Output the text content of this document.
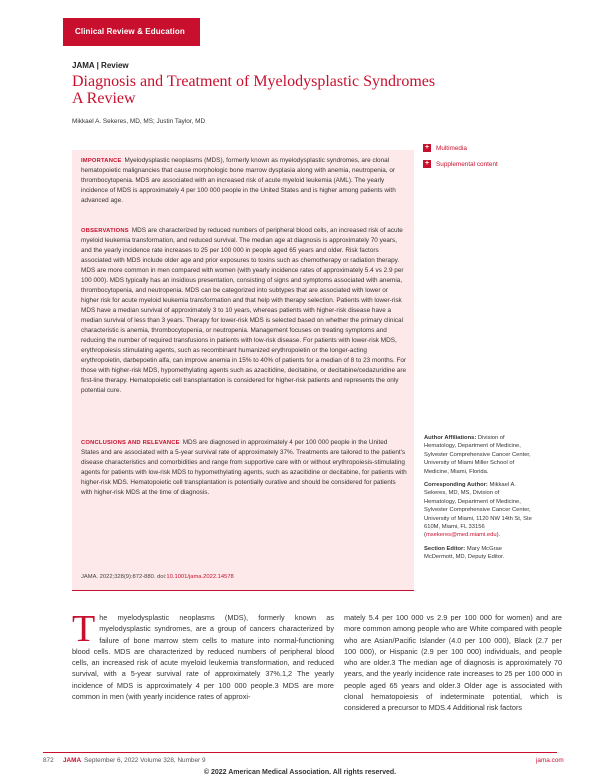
Clinical Review & Education
JAMA | Review
Diagnosis and Treatment of Myelodysplastic Syndromes
A Review
Mikkael A. Sekeres, MD, MS; Justin Taylor, MD
+	Multimedia
+	Supplemental content

IMPORTANCE Myelodysplastic neoplasms (MDS), formerly known as myelodysplastic syndromes, are clonal hematopoietic malignancies that cause morphologic bone marrow dysplasia along with anemia, neutropenia, or thrombocytopenia. MDS are associated with an increased risk of acute myeloid leukemia (AML). The yearly incidence of MDS is approximately 4 per 100 000 people in the United States and is higher among patients with advanced age.

OBSERVATIONS MDS are characterized by reduced numbers of peripheral blood cells, an increased risk of acute myeloid leukemia transformation, and reduced survival. The median age at diagnosis is approximately 70 years, and the yearly incidence rate increases to 25 per 100 000 in people aged 65 years and older. Risk factors associated with MDS include older age and prior exposures to toxins such as chemotherapy or radiation therapy. MDS are more common in men compared with women (with yearly incidence rates of approximately 5.4 vs 2.9 per 100 000). MDS typically has an insidious presentation, consisting of signs and symptoms associated with anemia, thrombocytopenia, and neutropenia. MDS can be categorized into subtypes that are associated with lower or higher risk for acute myeloid leukemia transformation and that help with therapy selection. Patients with lower-risk MDS have a median survival of approximately 3 to 10 years, whereas patients with higher-risk disease have a median survival of less than 3 years. Therapy for lower-risk MDS is selected based on whether the primary clinical characteristic is anemia, thrombocytopenia, or neutropenia. Management focuses on treating symptoms and reducing the number of required transfusions in patients with low-risk disease. For patients with lower-risk MDS, erythropoiesis stimulating agents, such as recombinant humanized erythropoietin or the longer-acting erythropoietin, darbepoetin alfa, can improve anemia in 15% to 40% of patients for a median of 8 to 23 months. For those with higher-risk MDS, hypomethylating agents such as azacitidine, decitabine, or decitabine/cedazuridine are first-line therapy. Hematopoietic cell transplantation is considered for higher-risk patients and represents the only potential cure.

CONCLUSIONS AND RELEVANCE MDS are diagnosed in approximately 4 per 100 000 people in the United States and are associated with a 5-year survival rate of approximately 37%. Treatments are tailored to the patient's disease characteristics and comorbidities and range from supportive care with or without erythropoiesis-stimulating agents for patients with low-risk MDS to hypomethylating agents, such as azacitidine or decitabine, for patients with higher-risk MDS. Hematopoietic cell transplantation is potentially curative and should be considered for patients with higher-risk MDS at the time of diagnosis.

JAMA. 2022;328(9):872-880. doi:10.1001/jama.2022.14578

Author Affiliations: Division of Hematology, Department of Medicine, Sylvester Comprehensive Cancer Center, University of Miami Miller School of Medicine, Miami, Florida.

Corresponding Author: Mikkael A. Sekeres, MD, MS, Division of Hematology, Department of Medicine, Sylvester Comprehensive Cancer Center, University of Miami, 1120 NW 14th St, Ste 610M, Miami, FL 33156 (msekeres@med.miami.edu).

Section Editor: Mary McGrae McDermott, MD, Deputy Editor.

The myelodysplastic neoplasms (MDS), formerly known as myelodysplastic syndromes, are a group of cancers characterized by failure of bone marrow stem cells to mature into normal-functioning blood cells. MDS are characterized by reduced numbers of peripheral blood cells, an increased risk of acute myeloid leukemia transformation, and reduced survival, with a 5-year survival rate of approximately 37%.1,2 The yearly incidence of MDS is approximately 4 per 100 000 people.3 MDS are more common in men (with yearly incidence rates of approxi-
mately 5.4 per 100 000 vs 2.9 per 100 000 for women) and are more common among people who are White compared with people who are Asian/Pacific Islander (4.0 per 100 000), Black (2.7 per 100 000), or Hispanic (2.9 per 100 000) individuals, and people who are older.3 The median age of diagnosis is approximately 70 years, and the yearly incidence rate increases to 25 per 100 000 in people aged 65 years and older.3 Older age is associated with clonal hematopoiesis of indeterminate potential, which is considered a precursor to MDS.4 Additional risk factors
872 JAMA September 6, 2022 Volume 328, Number 9	jama.com
© 2022 American Medical Association. All rights reserved.
